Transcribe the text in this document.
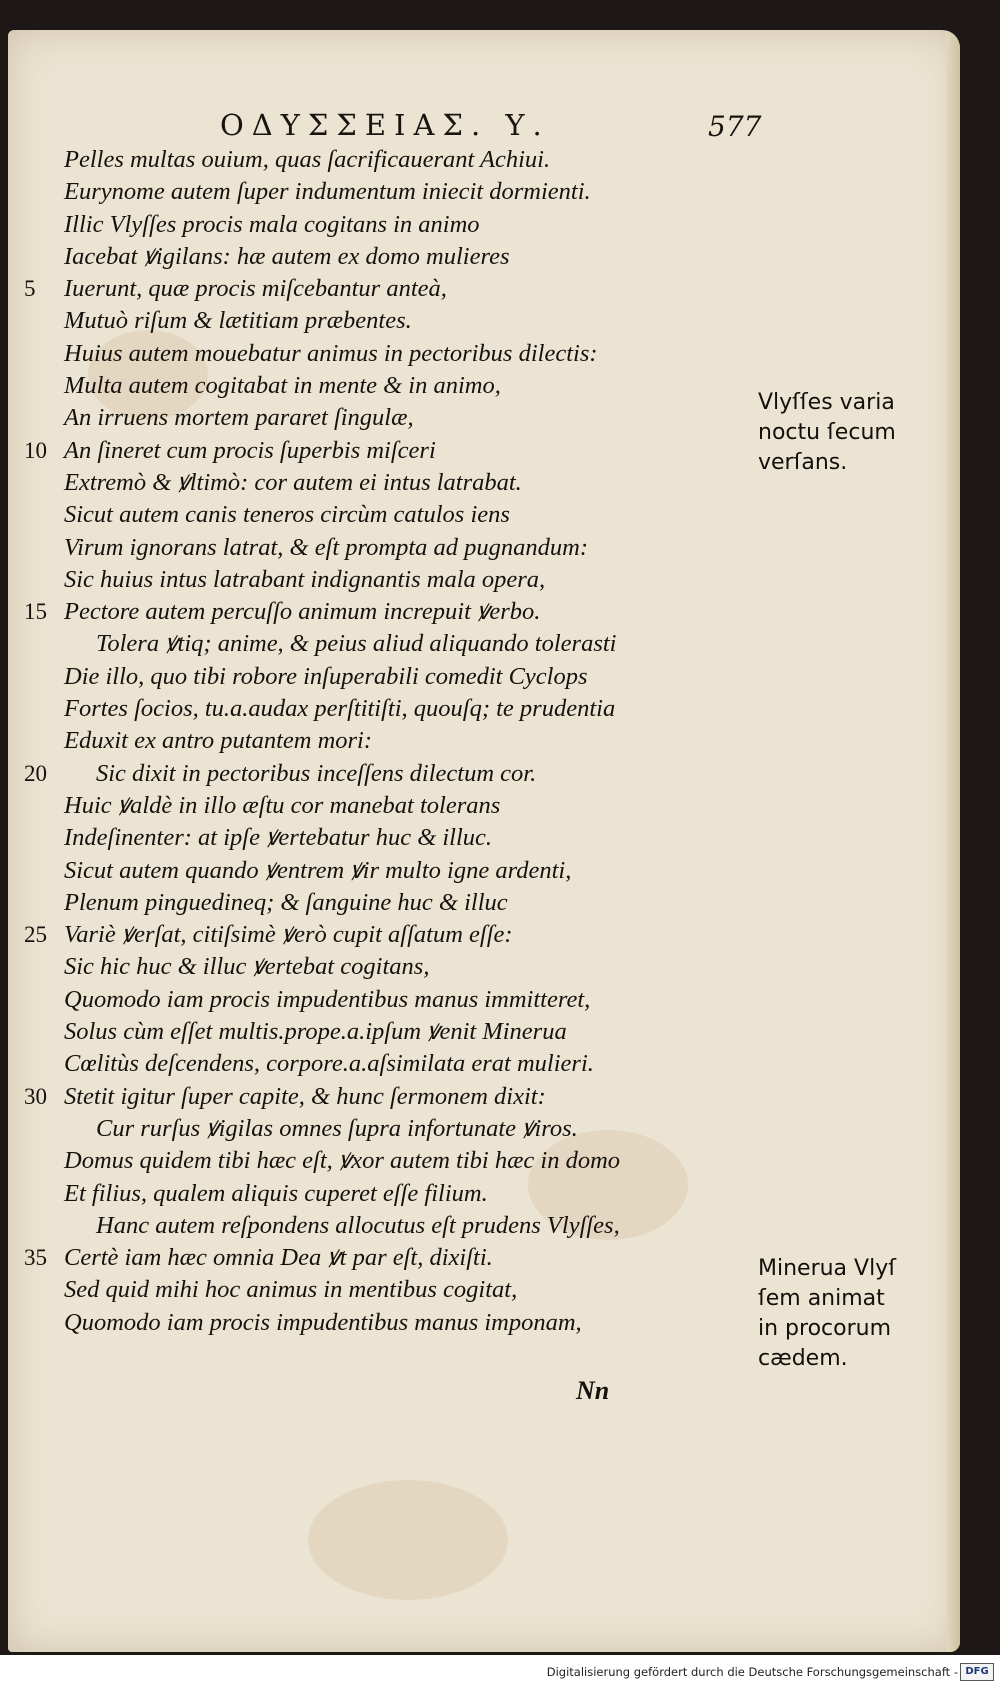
ΟΔΥΣΣΕΙΑΣ. Υ.	577
Pelles multas ouium, quas ſacrificauerant Achiui.
Eurynome autem ſuper indumentum iniecit dormienti.
Illic Vlyſſes procis mala cogitans in animo
Iacebat ꝟigilans: hæ autem ex domo mulieres
5	Iuerunt, quæ procis miſcebantur anteà,
Mutuò riſum & lætitiam præbentes.
Huius autem mouebatur animus in pectoribus dilectis:
Multa autem cogitabat in mente & in animo,
An irruens mortem pararet ſingulæ,
10 An ſineret cum procis ſuperbis miſceri
Extremò & ꝟltimò: cor autem ei intus latrabat.
Sicut autem canis teneros circùm catulos iens
Virum ignorans latrat, & eſt prompta ad pugnandum:
Sic huius intus latrabant indignantis mala opera,
15 Pectore autem percuſſo animum increpuit ꝟerbo.
Tolera ꝟtiq; anime, & peius aliud aliquando tolerasti
Die illo, quo tibi robore inſuperabili comedit Cyclops
Fortes ſocios, tu.a.audax perſtitiſti, quouſq; te prudentia
Eduxit ex antro putantem mori:
20	Sic dixit in pectoribus inceſſens dilectum cor.
Huic ꝟaldè in illo æſtu cor manebat tolerans
Indeſinenter: at ipſe ꝟertebatur huc & illuc.
Sicut autem quando ꝟentrem ꝟir multo igne ardenti,
Plenum pinguedineq; & ſanguine huc & illuc
25 Variè ꝟerſat, citiſsimè ꝟerò cupit aſſatum eſſe:
Sic hic huc & illuc ꝟertebat cogitans,
Quomodo iam procis impudentibus manus immitteret,
Solus cùm eſſet multis.prope.a.ipſum ꝟenit Minerua
Cœlitùs deſcendens, corpore.a.aſsimilata erat mulieri.
30 Stetit igitur ſuper capite, & hunc ſermonem dixit:
Cur rurſus ꝟigilas omnes ſupra infortunate ꝟiros.
Domus quidem tibi hæc eſt, ꝟxor autem tibi hæc in domo
Et filius, qualem aliquis cuperet eſſe filium.
Hanc autem reſpondens allocutus eſt prudens Vlyſſes,
35 Certè iam hæc omnia Dea ꝟt par eſt, dixiſti.
Sed quid mihi hoc animus in mentibus cogitat,
Quomodo iam procis impudentibus manus imponam,
Vlyſſes varia
noctu ſecum
verſans.
Minerua Vlyſ
ſem animat
in procorum
cædem.
Nn
Digitalisierung gefördert durch die Deutsche Forschungsgemeinschaft - DFG
